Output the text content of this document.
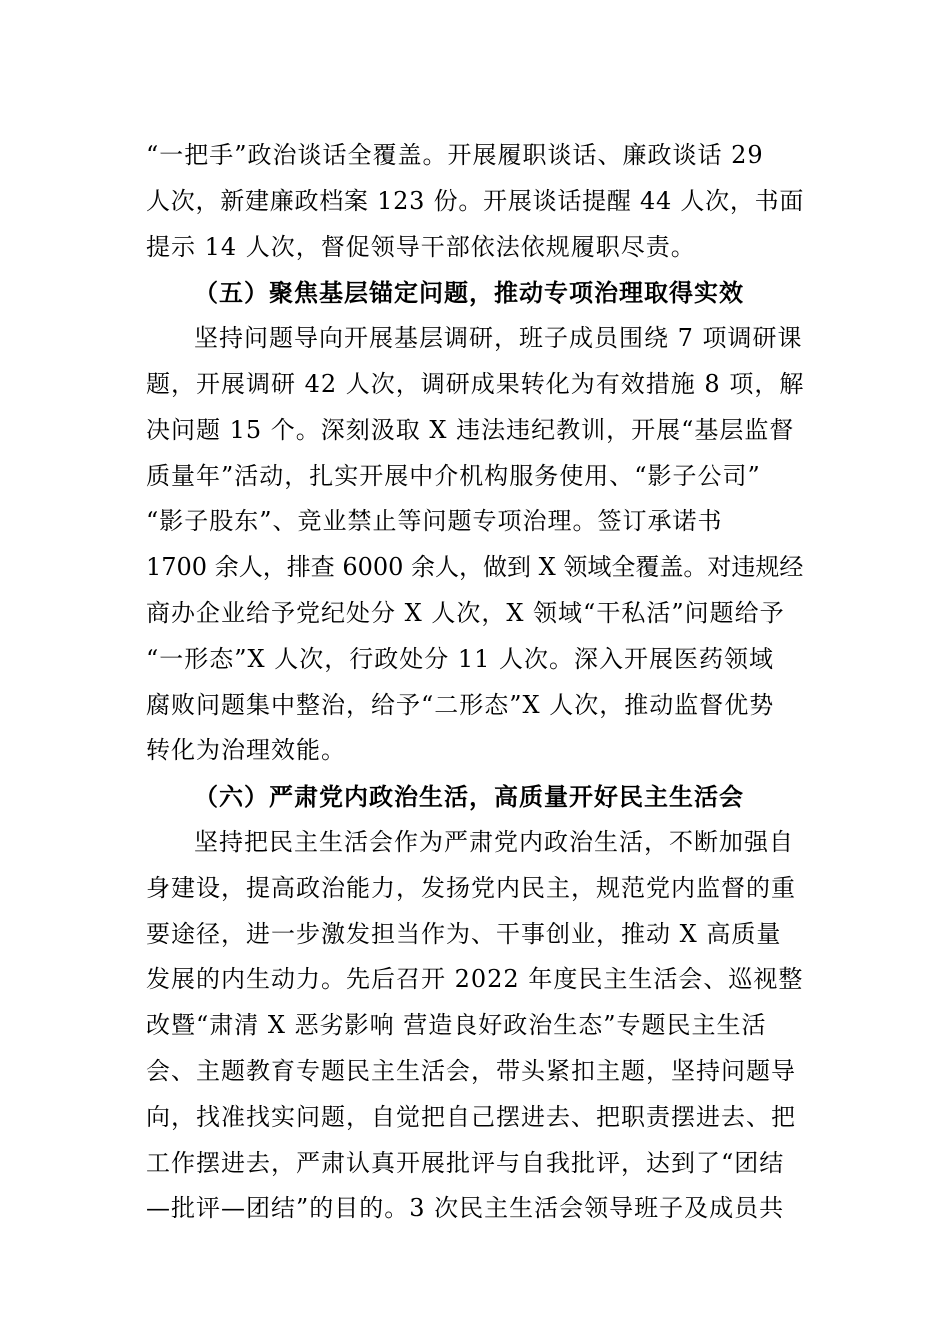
“一把手”政治谈话全覆盖。开展履职谈话、廉政谈话 29
人次，新建廉政档案 123 份。开展谈话提醒 44 人次，书面
提示 14 人次，督促领导干部依法依规履职尽责。
（五）聚焦基层锚定问题，推动专项治理取得实效
坚持问题导向开展基层调研，班子成员围绕 7 项调研课
题，开展调研 42 人次，调研成果转化为有效措施 8 项，解
决问题 15 个。深刻汲取 X 违法违纪教训，开展“基层监督
质量年”活动，扎实开展中介机构服务使用、“影子公司”
“影子股东”、竞业禁止等问题专项治理。签订承诺书
1700 余人，排查 6000 余人，做到 X 领域全覆盖。对违规经
商办企业给予党纪处分 X 人次，X 领域“干私活”问题给予
“一形态”X 人次，行政处分 11 人次。深入开展医药领域
腐败问题集中整治，给予“二形态”X 人次，推动监督优势
转化为治理效能。
（六）严肃党内政治生活，高质量开好民主生活会
坚持把民主生活会作为严肃党内政治生活，不断加强自
身建设，提高政治能力，发扬党内民主，规范党内监督的重
要途径，进一步激发担当作为、干事创业，推动 X 高质量
发展的内生动力。先后召开 2022 年度民主生活会、巡视整
改暨“肃清 X 恶劣影响 营造良好政治生态”专题民主生活
会、主题教育专题民主生活会，带头紧扣主题，坚持问题导
向，找准找实问题，自觉把自己摆进去、把职责摆进去、把
工作摆进去，严肃认真开展批评与自我批评，达到了“团结
—批评—团结”的目的。3 次民主生活会领导班子及成员共
